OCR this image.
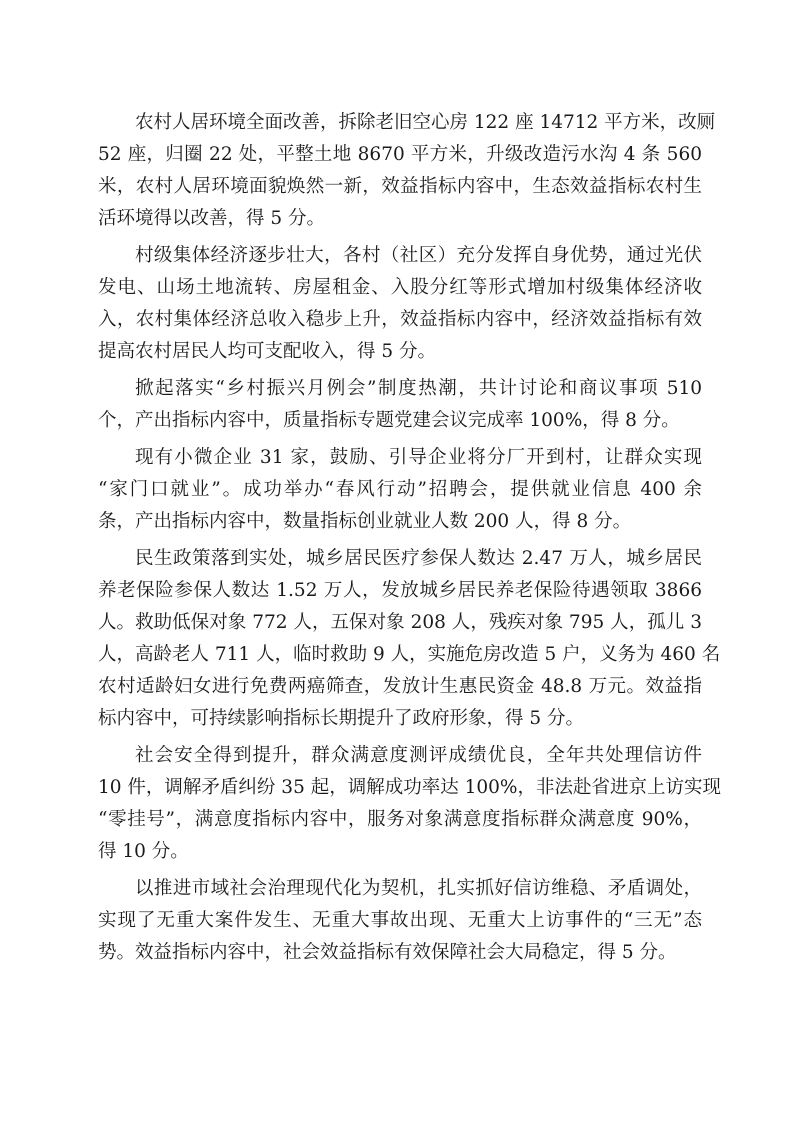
农村人居环境全面改善，拆除老旧空心房 122 座 14712 平方米，改厕
52 座，归圈 22 处，平整土地 8670 平方米，升级改造污水沟 4 条 560
米，农村人居环境面貌焕然一新，效益指标内容中，生态效益指标农村生
活环境得以改善，得 5 分。
村级集体经济逐步壮大，各村（社区）充分发挥自身优势，通过光伏
发电、山场土地流转、房屋租金、入股分红等形式增加村级集体经济收
入，农村集体经济总收入稳步上升，效益指标内容中，经济效益指标有效
提高农村居民人均可支配收入，得 5 分。
掀起落实“乡村振兴月例会”制度热潮，共计讨论和商议事项 510
个，产出指标内容中，质量指标专题党建会议完成率 100%，得 8 分。
现有小微企业 31 家，鼓励、引导企业将分厂开到村，让群众实现
“家门口就业”。成功举办“春风行动”招聘会，提供就业信息 400 余
条，产出指标内容中，数量指标创业就业人数 200 人，得 8 分。
民生政策落到实处，城乡居民医疗参保人数达 2.47 万人，城乡居民
养老保险参保人数达 1.52 万人，发放城乡居民养老保险待遇领取 3866
人。救助低保对象 772 人，五保对象 208 人，残疾对象 795 人，孤儿 3
人，高龄老人 711 人，临时救助 9 人，实施危房改造 5 户，义务为 460 名
农村适龄妇女进行免费两癌筛查，发放计生惠民资金 48.8 万元。效益指
标内容中，可持续影响指标长期提升了政府形象，得 5 分。
社会安全得到提升，群众满意度测评成绩优良，全年共处理信访件
10 件，调解矛盾纠纷 35 起，调解成功率达 100%，非法赴省进京上访实现
“零挂号”，满意度指标内容中，服务对象满意度指标群众满意度 90%，
得 10 分。
以推进市域社会治理现代化为契机，扎实抓好信访维稳、矛盾调处，
实现了无重大案件发生、无重大事故出现、无重大上访事件的“三无”态
势。效益指标内容中，社会效益指标有效保障社会大局稳定，得 5 分。
